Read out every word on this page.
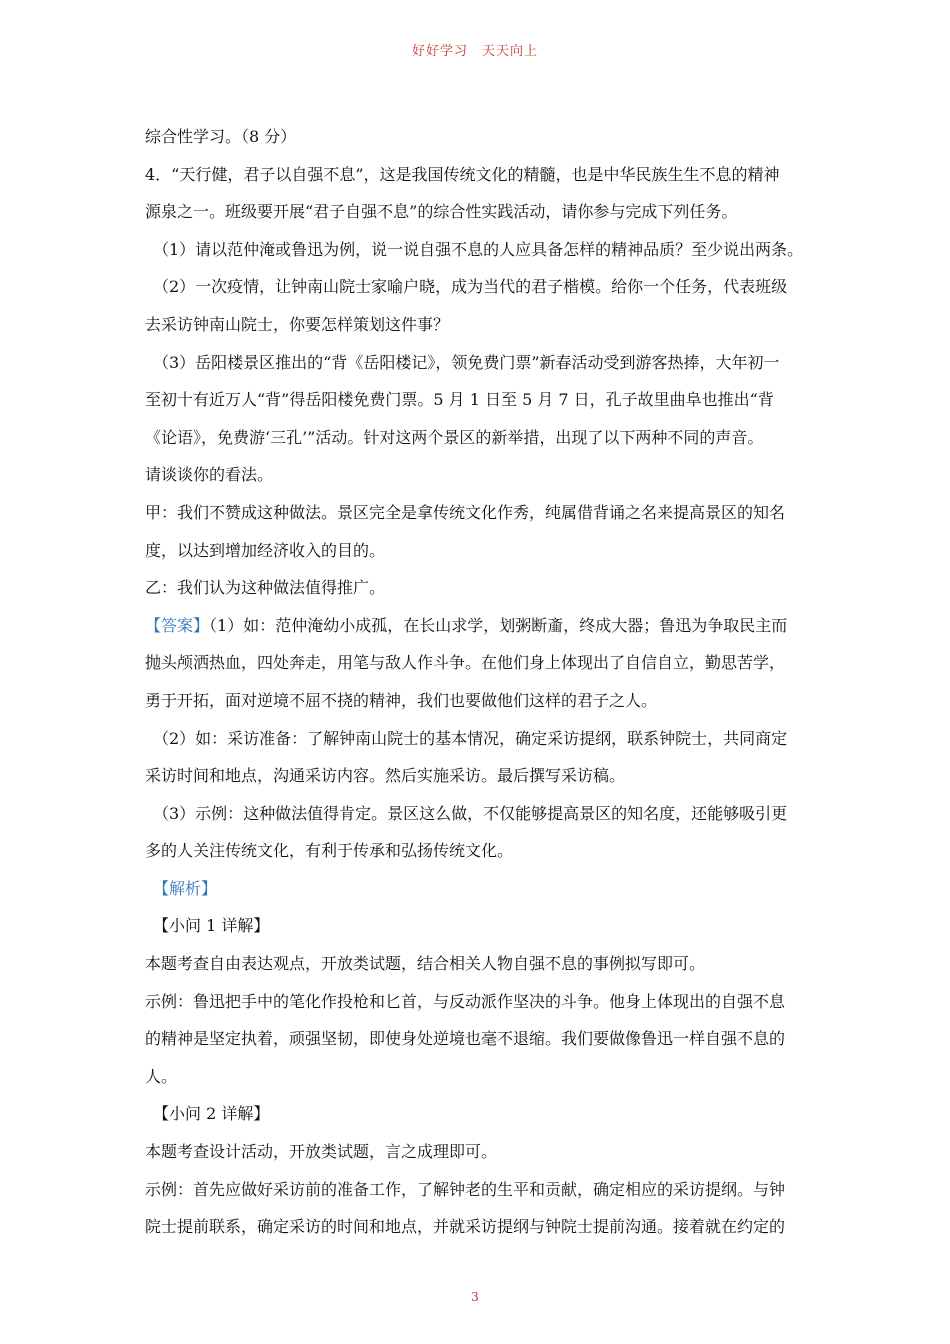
好好学习　天天向上
综合性学习。（8 分）
4．“天行健，君子以自强不息”，这是我国传统文化的精髓，也是中华民族生生不息的精神
源泉之一。班级要开展“君子自强不息”的综合性实践活动，请你参与完成下列任务。
（1）请以范仲淹或鲁迅为例，说一说自强不息的人应具备怎样的精神品质？至少说出两条。
（2）一次疫情，让钟南山院士家喻户晓，成为当代的君子楷模。给你一个任务，代表班级
去采访钟南山院士，你要怎样策划这件事？
（3）岳阳楼景区推出的“背《岳阳楼记》，领免费门票”新春活动受到游客热捧，大年初一
至初十有近万人“背”得岳阳楼免费门票。5 月 1 日至 5 月 7 日，孔子故里曲阜也推出“背
《论语》，免费游‘三孔’”活动。针对这两个景区的新举措，出现了以下两种不同的声音。
请谈谈你的看法。
甲：我们不赞成这种做法。景区完全是拿传统文化作秀，纯属借背诵之名来提高景区的知名
度，以达到增加经济收入的目的。
乙：我们认为这种做法值得推广。
【答案】（1）如：范仲淹幼小成孤，在长山求学，划粥断齑，终成大器；鲁迅为争取民主而
抛头颅洒热血，四处奔走，用笔与敌人作斗争。在他们身上体现出了自信自立，勤思苦学，
勇于开拓，面对逆境不屈不挠的精神，我们也要做他们这样的君子之人。
（2）如：采访准备：了解钟南山院士的基本情况，确定采访提纲，联系钟院士，共同商定
采访时间和地点，沟通采访内容。然后实施采访。最后撰写采访稿。
（3）示例：这种做法值得肯定。景区这么做，不仅能够提高景区的知名度，还能够吸引更
多的人关注传统文化，有利于传承和弘扬传统文化。
【解析】
【小问 1 详解】
本题考查自由表达观点，开放类试题，结合相关人物自强不息的事例拟写即可。
示例：鲁迅把手中的笔化作投枪和匕首，与反动派作坚决的斗争。他身上体现出的自强不息
的精神是坚定执着，顽强坚韧，即使身处逆境也毫不退缩。我们要做像鲁迅一样自强不息的
人。
【小问 2 详解】
本题考查设计活动，开放类试题，言之成理即可。
示例：首先应做好采访前的准备工作，了解钟老的生平和贡献，确定相应的采访提纲。与钟
院士提前联系，确定采访的时间和地点，并就采访提纲与钟院士提前沟通。接着就在约定的
3
